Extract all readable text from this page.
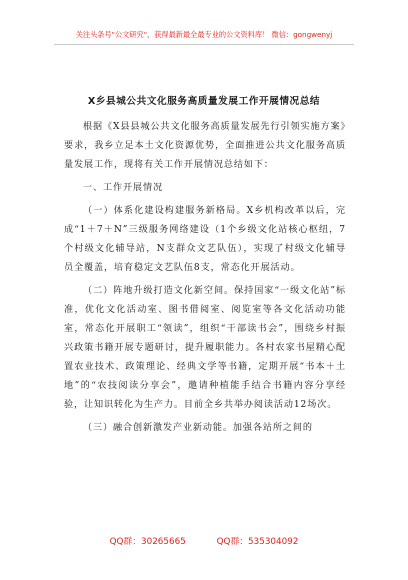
关注头条号"公文研究"，获得最新最全最专业的公文资料库！ 微信：gongwenyj
X乡县城公共文化服务高质量发展工作开展情况总结

根据《X县县城公共文化服务高质量发展先行引领实施方案》要求，我乡立足本土文化资源优势，全面推进公共文化服务高质量发展工作，现将有关工作开展情况总结如下：

一、工作开展情况

（一）体系化建设构建服务新格局。X乡机构改革以后，完成“1＋7＋N”三级服务网络建设（1个乡级文化站核心枢纽，7个村级文化辅导站，N支群众文艺队伍），实现了村级文化辅导员全覆盖，培育稳定文艺队伍8支，常态化开展活动。

（二）阵地升级打造文化新空间。保持国家“一级文化站”标准，优化文化活动室、图书借阅室、阅览室等各文化活动功能室，常态化开展职工“领读”，组织“干部读书会”，围绕乡村振兴政策书籍开展专题研讨，提升履职能力。各村农家书屋精心配置农业技术、政策理论、经典文学等书籍，定期开展“书本＋土地”的“农技阅读分享会”，邀请种植能手结合书籍内容分享经验，让知识转化为生产力。目前全乡共举办阅读活动12场次。

（三）融合创新激发产业新动能。加强各站所之间的

QQ群：30265665	QQ群：535304092
